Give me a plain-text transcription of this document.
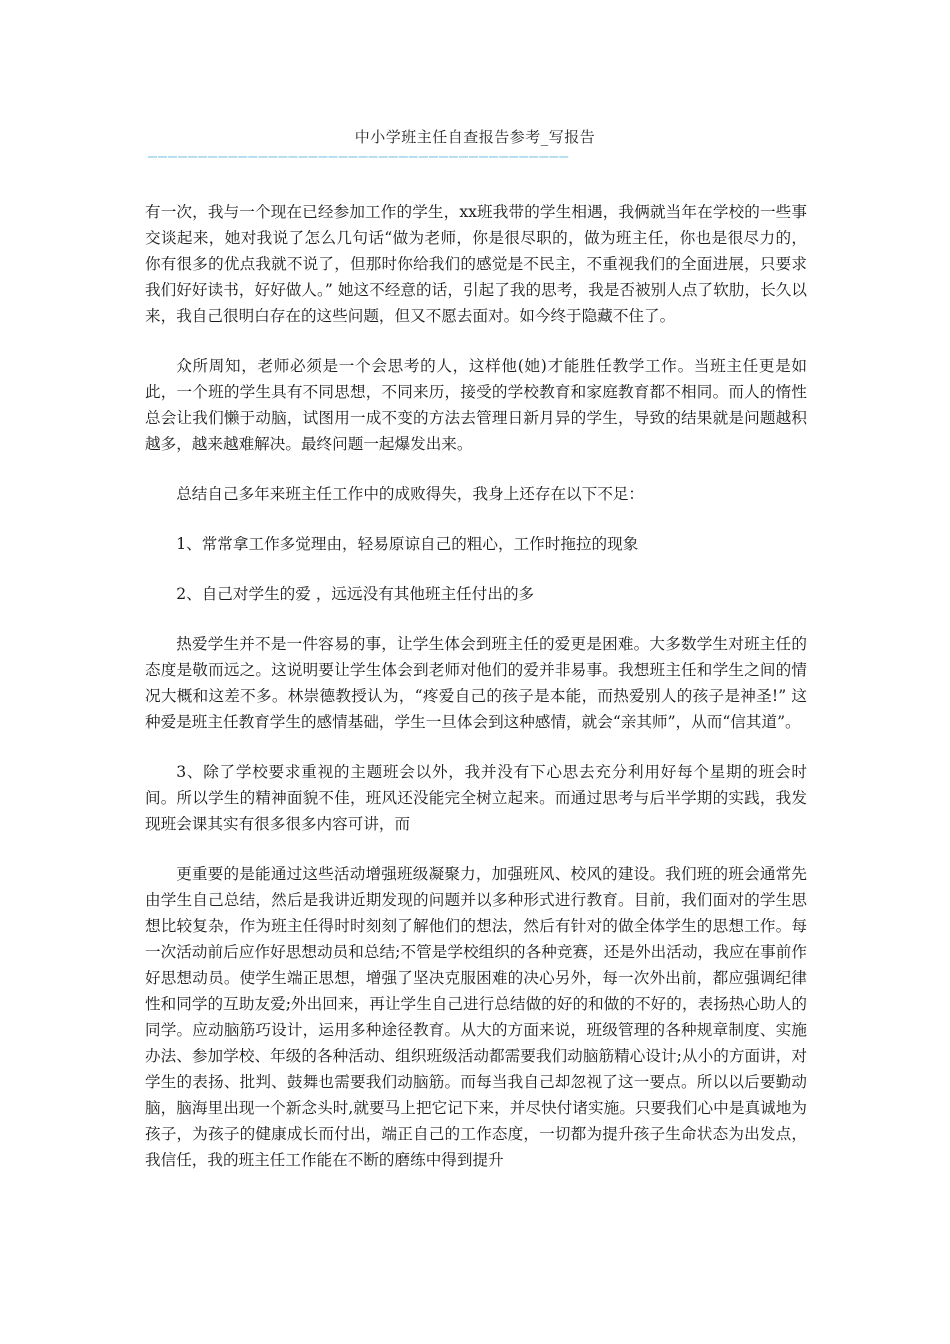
中小学班主任自查报告参考_写报告
——————————————————————————————————————————

有一次，我与一个现在已经参加工作的学生，xx班我带的学生相遇，我俩就当年在学校的一些事交谈起来，她对我说了怎么几句话“做为老师，你是很尽职的，做为班主任，你也是很尽力的，你有很多的优点我就不说了，但那时你给我们的感觉是不民主，不重视我们的全面进展，只要求我们好好读书，好好做人。” 她这不经意的话，引起了我的思考，我是否被别人点了软肋，长久以来，我自己很明白存在的这些问题，但又不愿去面对。如今终于隐藏不住了。

众所周知，老师必须是一个会思考的人，这样他(她)才能胜任教学工作。当班主任更是如此，一个班的学生具有不同思想，不同来历，接受的学校教育和家庭教育都不相同。而人的惰性总会让我们懒于动脑，试图用一成不变的方法去管理日新月异的学生，导致的结果就是问题越积越多，越来越难解决。最终问题一起爆发出来。

总结自己多年来班主任工作中的成败得失，我身上还存在以下不足：

1、常常拿工作多觉理由，轻易原谅自己的粗心，工作时拖拉的现象

2、自己对学生的爱 ，远远没有其他班主任付出的多

热爱学生并不是一件容易的事，让学生体会到班主任的爱更是困难。大多数学生对班主任的态度是敬而远之。这说明要让学生体会到老师对他们的爱并非易事。我想班主任和学生之间的情况大概和这差不多。林崇德教授认为，“疼爱自己的孩子是本能，而热爱别人的孩子是神圣!” 这种爱是班主任教育学生的感情基础，学生一旦体会到这种感情，就会“亲其师”，从而“信其道”。

3、除了学校要求重视的主题班会以外，我并没有下心思去充分利用好每个星期的班会时间。所以学生的精神面貌不佳，班风还没能完全树立起来。而通过思考与后半学期的实践，我发现班会课其实有很多很多内容可讲，而

更重要的是能通过这些活动增强班级凝聚力，加强班风、校风的建设。我们班的班会通常先由学生自己总结，然后是我讲近期发现的问题并以多种形式进行教育。目前，我们面对的学生思想比较复杂，作为班主任得时时刻刻了解他们的想法，然后有针对的做全体学生的思想工作。每一次活动前后应作好思想动员和总结;不管是学校组织的各种竞赛，还是外出活动，我应在事前作好思想动员。使学生端正思想，增强了坚决克服困难的决心另外，每一次外出前，都应强调纪律性和同学的互助友爱;外出回来，再让学生自己进行总结做的好的和做的不好的，表扬热心助人的同学。应动脑筋巧设计，运用多种途径教育。从大的方面来说，班级管理的各种规章制度、实施办法、参加学校、年级的各种活动、组织班级活动都需要我们动脑筋精心设计;从小的方面讲，对学生的表扬、批判、鼓舞也需要我们动脑筋。而每当我自己却忽视了这一要点。所以以后要勤动脑，脑海里出现一个新念头时,就要马上把它记下来，并尽快付诸实施。只要我们心中是真诚地为孩子，为孩子的健康成长而付出，端正自己的工作态度，一切都为提升孩子生命状态为出发点，我信任，我的班主任工作能在不断的磨练中得到提升
